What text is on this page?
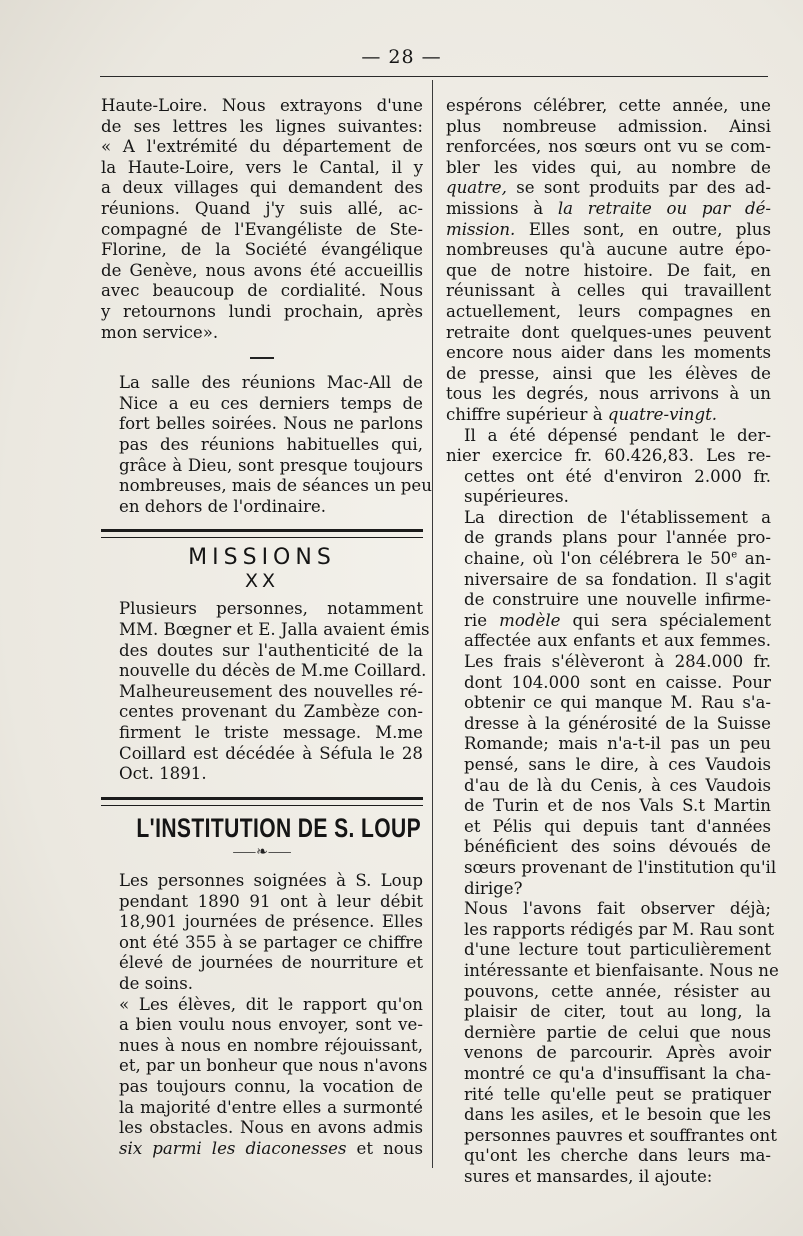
— 28 —

Haute-Loire. Nous extrayons d'une
de ses lettres les lignes suivantes:
« A l'extrémité du département de
la Haute-Loire, vers le Cantal, il y
a deux villages qui demandent des
réunions. Quand j'y suis allé, ac-
compagné de l'Evangéliste de Ste-
Florine, de la Société évangélique
de Genève, nous avons été accueillis
avec beaucoup de cordialité. Nous
y retournons lundi prochain, après
mon service».

La salle des réunions Mac-All de
Nice a eu ces derniers temps de
fort belles soirées. Nous ne parlons
pas des réunions habituelles qui,
grâce à Dieu, sont presque toujours
nombreuses, mais de séances un peu
en dehors de l'ordinaire.

MISSIONS
XX

Plusieurs personnes, notamment
MM. Bœgner et E. Jalla avaient émis
des doutes sur l'authenticité de la
nouvelle du décès de M.me Coillard.
Malheureusement des nouvelles ré-
centes provenant du Zambèze con-
firment le triste message. M.me
Coillard est décédée à Séfula le 28
Oct. 1891.

L'INSTITUTION DE S. LOUP
⸺❧⸺

Les personnes soignées à S. Loup
pendant 1890 91 ont à leur débit
18,901 journées de présence. Elles
ont été 355 à se partager ce chiffre
élevé de journées de nourriture et
de soins.

« Les élèves, dit le rapport qu'on
a bien voulu nous envoyer, sont ve-
nues à nous en nombre réjouissant,
et, par un bonheur que nous n'avons
pas toujours connu, la vocation de
la majorité d'entre elles a surmonté
les obstacles. Nous en avons admis
six parmi les diaconesses et nous

espérons célébrer, cette année, une
plus nombreuse admission. Ainsi
renforcées, nos sœurs ont vu se com-
bler les vides qui, au nombre de
quatre, se sont produits par des ad-
missions à la retraite ou par dé-
mission. Elles sont, en outre, plus
nombreuses qu'à aucune autre épo-
que de notre histoire. De fait, en
réunissant à celles qui travaillent
actuellement, leurs compagnes en
retraite dont quelques-unes peuvent
encore nous aider dans les moments
de presse, ainsi que les élèves de
tous les degrés, nous arrivons à un
chiffre supérieur à quatre-vingt.

Il a été dépensé pendant le der-
nier exercice fr. 60.426,83. Les re-
cettes ont été d'environ 2.000 fr.
supérieures.

La direction de l'établissement a
de grands plans pour l'année pro-
chaine, où l'on célébrera le 50e an-
niversaire de sa fondation. Il s'agit
de construire une nouvelle infirme-
rie modèle qui sera spécialement
affectée aux enfants et aux femmes.
Les frais s'élèveront à 284.000 fr.
dont 104.000 sont en caisse. Pour
obtenir ce qui manque M. Rau s'a-
dresse à la générosité de la Suisse
Romande; mais n'a-t-il pas un peu
pensé, sans le dire, à ces Vaudois
d'au de là du Cenis, à ces Vaudois
de Turin et de nos Vals S.t Martin
et Pélis qui depuis tant d'années
bénéficient des soins dévoués de
sœurs provenant de l'institution qu'il
dirige?

Nous l'avons fait observer déjà;
les rapports rédigés par M. Rau sont
d'une lecture tout particulièrement
intéressante et bienfaisante. Nous ne
pouvons, cette année, résister au
plaisir de citer, tout au long, la
dernière partie de celui que nous
venons de parcourir. Après avoir
montré ce qu'a d'insuffisant la cha-
rité telle qu'elle peut se pratiquer
dans les asiles, et le besoin que les
personnes pauvres et souffrantes ont
qu'ont les cherche dans leurs ma-
sures et mansardes, il ajoute:
